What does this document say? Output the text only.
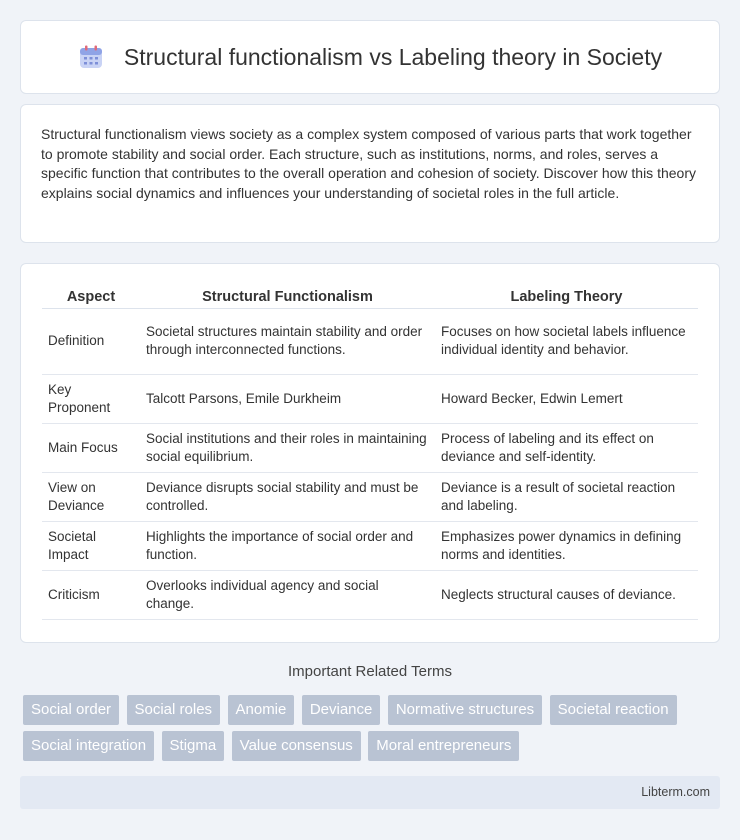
Structural functionalism vs Labeling theory in Society

Structural functionalism views society as a complex system composed of various parts that work together to promote stability and social order. Each structure, such as institutions, norms, and roles, serves a specific function that contributes to the overall operation and cohesion of society. Discover how this theory explains social dynamics and influences your understanding of societal roles in the full article.

Aspect	Structural Functionalism	Labeling Theory
Definition	Societal structures maintain stability and order through interconnected functions.	Focuses on how societal labels influence individual identity and behavior.
Key Proponent	Talcott Parsons, Emile Durkheim	Howard Becker, Edwin Lemert
Main Focus	Social institutions and their roles in maintaining social equilibrium.	Process of labeling and its effect on deviance and self-identity.
View on Deviance	Deviance disrupts social stability and must be controlled.	Deviance is a result of societal reaction and labeling.
Societal Impact	Highlights the importance of social order and function.	Emphasizes power dynamics in defining norms and identities.
Criticism	Overlooks individual agency and social change.	Neglects structural causes of deviance.
Important Related Terms
Social order Social roles Anomie Deviance Normative structures Societal reaction Social integration Stigma Value consensus Moral entrepreneurs
Libterm.com
